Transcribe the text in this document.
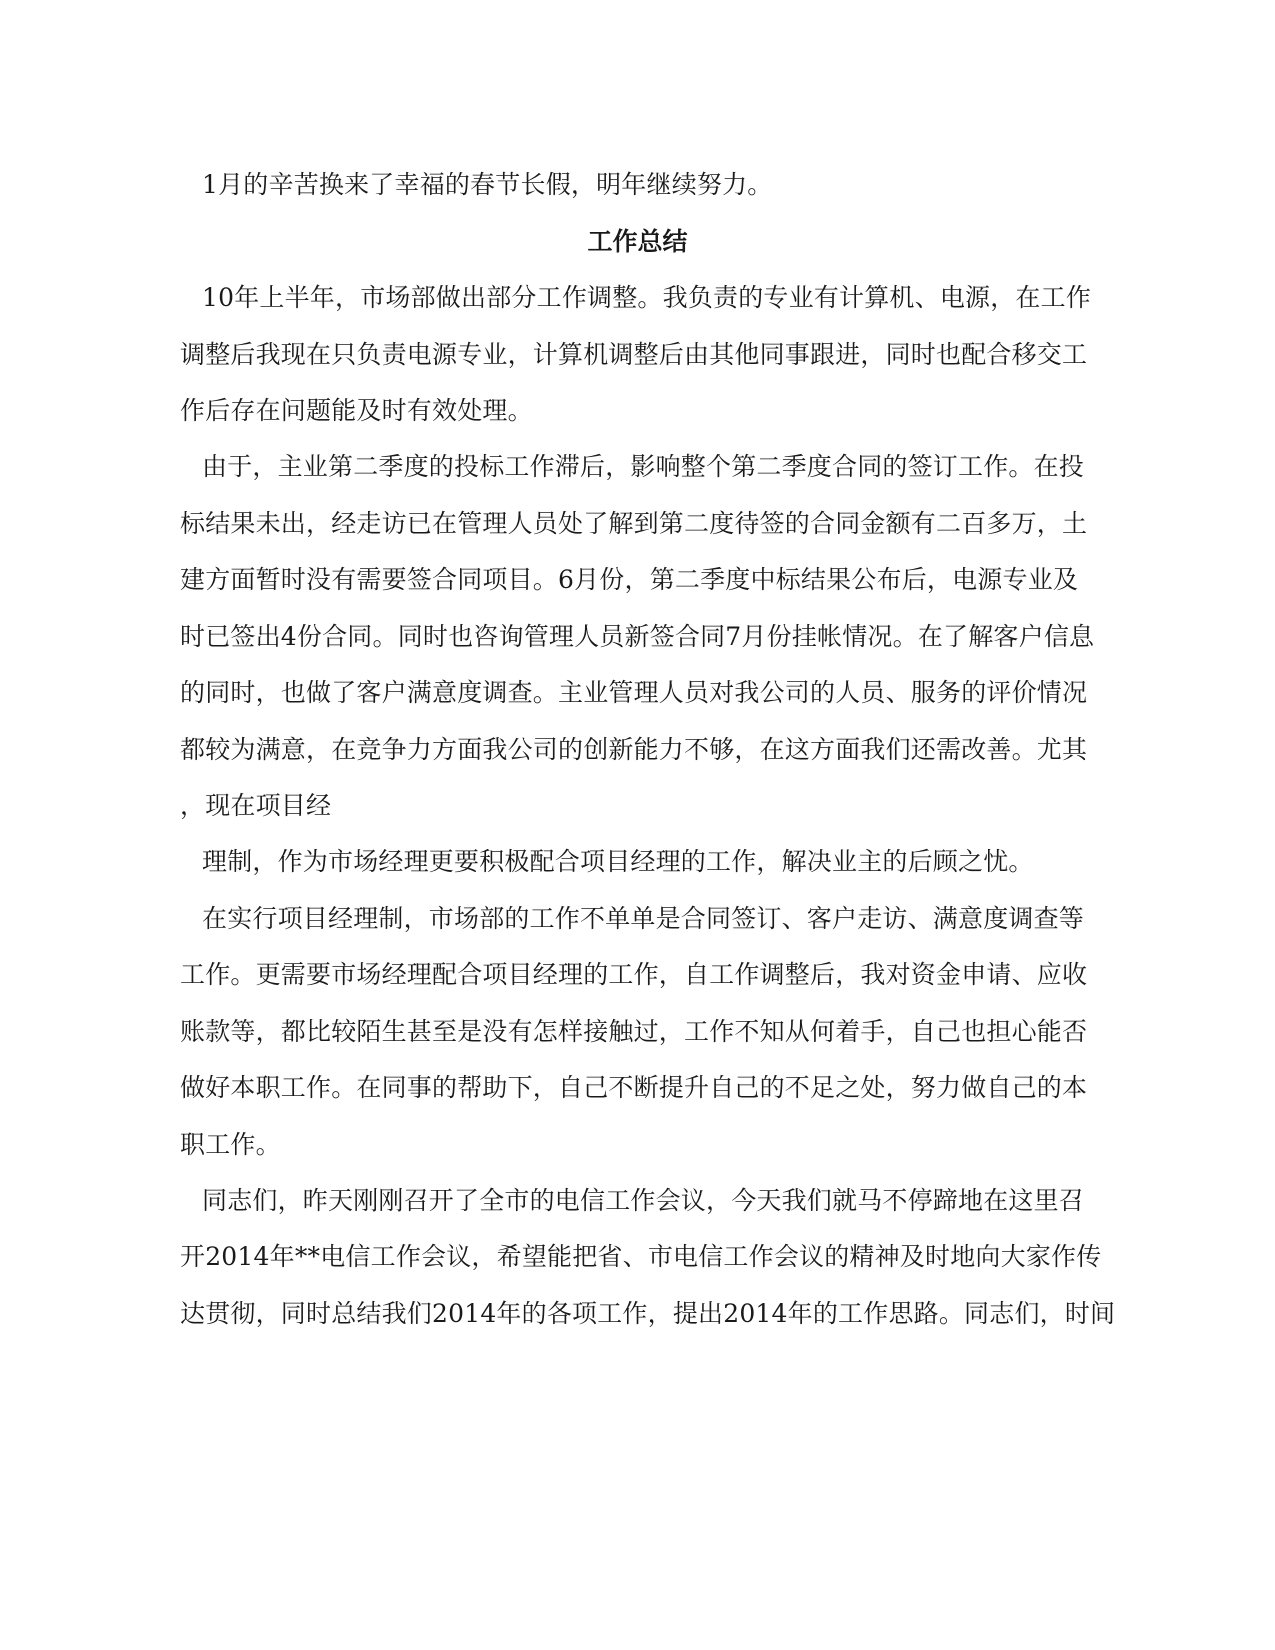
1月的辛苦换来了幸福的春节长假，明年继续努力。
工作总结
10年上半年，市场部做出部分工作调整。我负责的专业有计算机、电源，在工作
调整后我现在只负责电源专业，计算机调整后由其他同事跟进，同时也配合移交工
作后存在问题能及时有效处理。
由于，主业第二季度的投标工作滞后，影响整个第二季度合同的签订工作。在投
标结果未出，经走访已在管理人员处了解到第二度待签的合同金额有二百多万，土
建方面暂时没有需要签合同项目。6月份，第二季度中标结果公布后，电源专业及
时已签出4份合同。同时也咨询管理人员新签合同7月份挂帐情况。在了解客户信息
的同时，也做了客户满意度调查。主业管理人员对我公司的人员、服务的评价情况
都较为满意，在竞争力方面我公司的创新能力不够，在这方面我们还需改善。尤其
，现在项目经
理制，作为市场经理更要积极配合项目经理的工作，解决业主的后顾之忧。
在实行项目经理制，市场部的工作不单单是合同签订、客户走访、满意度调查等
工作。更需要市场经理配合项目经理的工作，自工作调整后，我对资金申请、应收
账款等，都比较陌生甚至是没有怎样接触过，工作不知从何着手，自己也担心能否
做好本职工作。在同事的帮助下，自己不断提升自己的不足之处，努力做自己的本
职工作。
同志们，昨天刚刚召开了全市的电信工作会议，今天我们就马不停蹄地在这里召
开2014年**电信工作会议，希望能把省、市电信工作会议的精神及时地向大家作传
达贯彻，同时总结我们2014年的各项工作，提出2014年的工作思路。同志们，时间
